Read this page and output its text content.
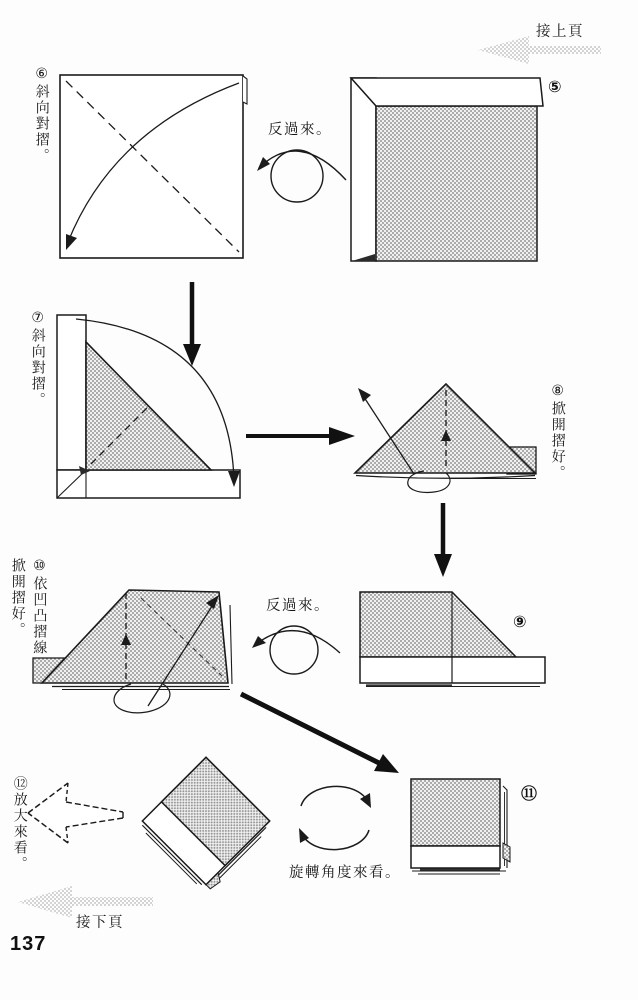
接上頁
⑥斜向對摺。	反過來。
⑤
⑦斜向對摺。	⑧掀開摺好。
⑨
反過來。
⑩依凹凸摺線
掀開摺好。
⑪
旋轉角度來看。
⑫放大來看。
接下頁
137
